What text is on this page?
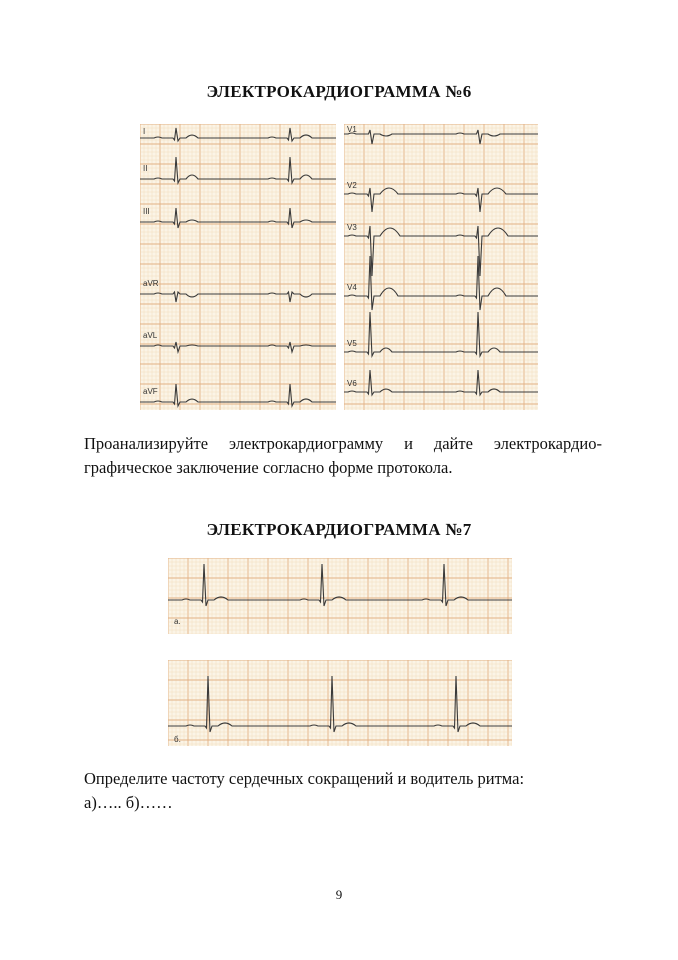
ЭЛЕКТРОКАРДИОГРАММА №6
I
II
III
aVR
aVL
aVF
V1
V2
V3
V4
V5
V6

Проанализируйте электрокардиограмму и дайте электрокардио-графическое заключение согласно форме протокола.

ЭЛЕКТРОКАРДИОГРАММА №7
а.
б.

Определите частоту сердечных сокращений и водитель ритма:
а)….. б)……

9
